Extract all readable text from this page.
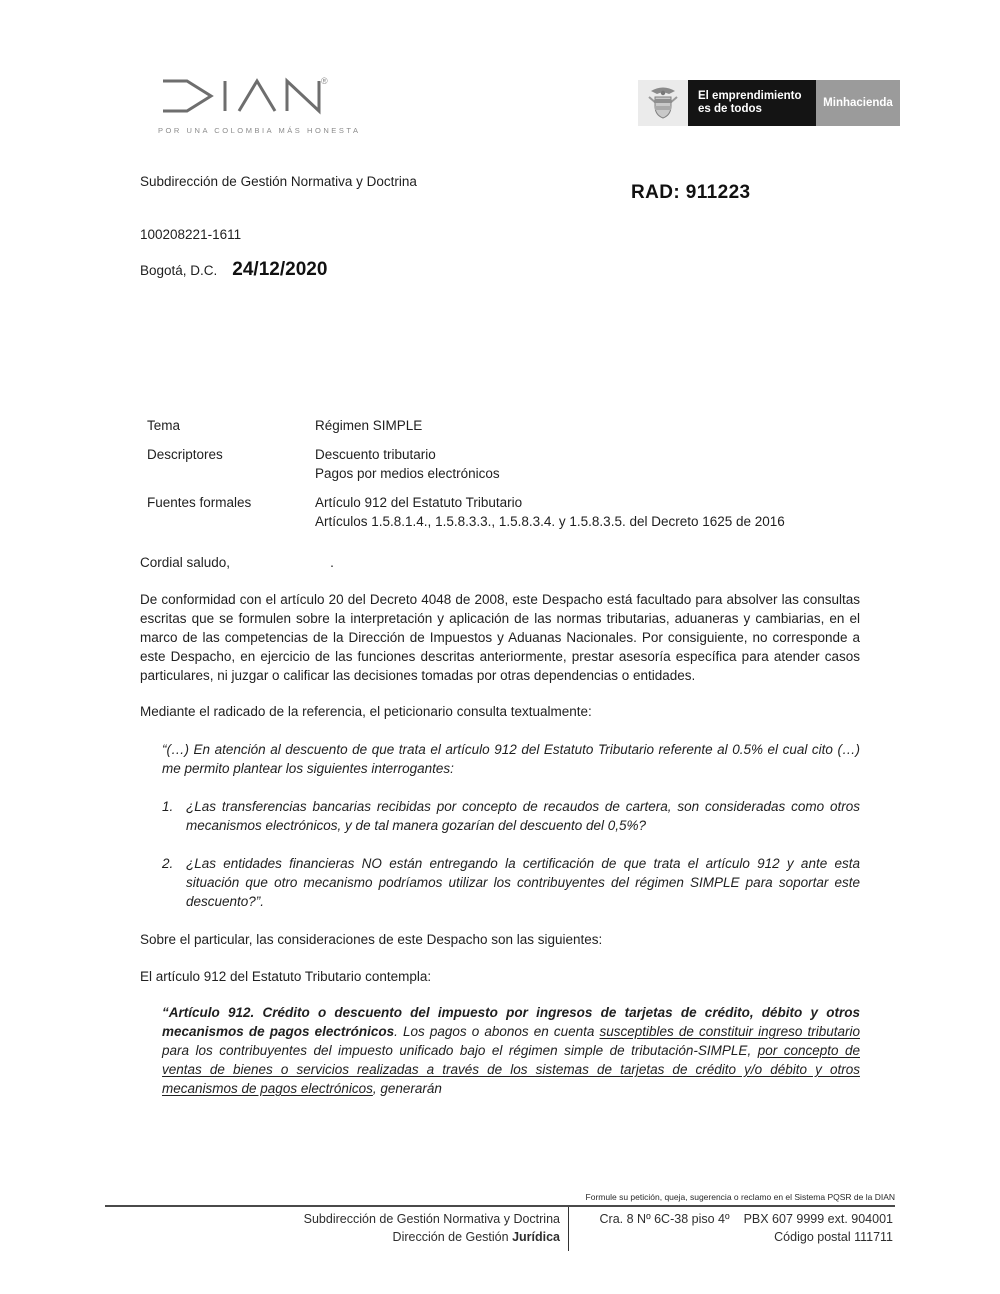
®
POR UNA COLOMBIA MÁS HONESTA
El emprendimiento
es de todos
Minhacienda
RAD: 911223
Subdirección de Gestión Normativa y Doctrina
100208221-1611
Bogotá, D.C. 24/12/2020
Tema	Régimen SIMPLE
Descriptores	Descuento tributario
Pagos por medios electrónicos
Fuentes formales	Artículo 912 del Estatuto Tributario
Artículos 1.5.8.1.4., 1.5.8.3.3., 1.5.8.3.4. y 1.5.8.3.5. del Decreto 1625 de 2016
Cordial saludo,	.
De conformidad con el artículo 20 del Decreto 4048 de 2008, este Despacho está facultado para absolver las consultas escritas que se formulen sobre la interpretación y aplicación de las normas tributarias, aduaneras y cambiarias, en el marco de las competencias de la Dirección de Impuestos y Aduanas Nacionales. Por consiguiente, no corresponde a este Despacho, en ejercicio de las funciones descritas anteriormente, prestar asesoría específica para atender casos particulares, ni juzgar o calificar las decisiones tomadas por otras dependencias o entidades.
Mediante el radicado de la referencia, el peticionario consulta textualmente:
“(…) En atención al descuento de que trata el artículo 912 del Estatuto Tributario referente al 0.5% el cual cito (…) me permito plantear los siguientes interrogantes:
1. ¿Las transferencias bancarias recibidas por concepto de recaudos de cartera, son consideradas como otros mecanismos electrónicos, y de tal manera gozarían del descuento del 0,5%?
2. ¿Las entidades financieras NO están entregando la certificación de que trata el artículo 912 y ante esta situación que otro mecanismo podríamos utilizar los contribuyentes del régimen SIMPLE para soportar este descuento?”.
Sobre el particular, las consideraciones de este Despacho son las siguientes:
El artículo 912 del Estatuto Tributario contempla:
“Artículo 912. Crédito o descuento del impuesto por ingresos de tarjetas de crédito, débito y otros mecanismos de pagos electrónicos. Los pagos o abonos en cuenta susceptibles de constituir ingreso tributario para los contribuyentes del impuesto unificado bajo el régimen simple de tributación-SIMPLE, por concepto de ventas de bienes o servicios realizadas a través de los sistemas de tarjetas de crédito y/o débito y otros mecanismos de pagos electrónicos, generarán
Formule su petición, queja, sugerencia o reclamo en el Sistema PQSR de la DIAN
Subdirección de Gestión Normativa y Doctrina
Dirección de Gestión Jurídica
Cra. 8 Nº 6C-38 piso 4º PBX 607 9999 ext. 904001
Código postal 111711
